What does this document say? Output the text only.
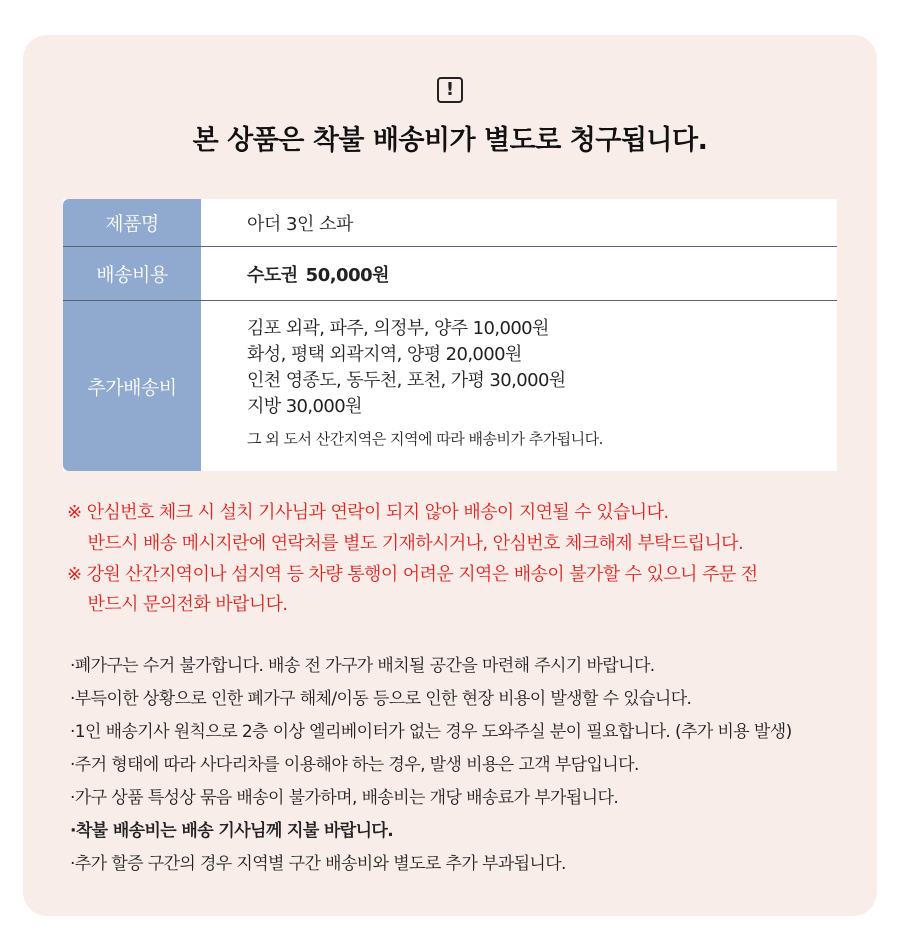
!
본 상품은 착불 배송비가 별도로 청구됩니다.
제품명	아더 3인 소파
배송비용	수도권 50,000원
추가배송비
김포 외곽, 파주, 의정부, 양주 10,000원
화성, 평택 외곽지역, 양평 20,000원
인천 영종도, 동두천, 포천, 가평 30,000원
지방 30,000원
그 외 도서 산간지역은 지역에 따라 배송비가 추가됩니다.
※ 안심번호 체크 시 설치 기사님과 연락이 되지 않아 배송이 지연될 수 있습니다.
반드시 배송 메시지란에 연락처를 별도 기재하시거나, 안심번호 체크해제 부탁드립니다.
※ 강원 산간지역이나 섬지역 등 차량 통행이 어려운 지역은 배송이 불가할 수 있으니 주문 전
반드시 문의전화 바랍니다.
·폐가구는 수거 불가합니다. 배송 전 가구가 배치될 공간을 마련해 주시기 바랍니다.
·부득이한 상황으로 인한 폐가구 해체/이동 등으로 인한 현장 비용이 발생할 수 있습니다.
·1인 배송기사 원칙으로 2층 이상 엘리베이터가 없는 경우 도와주실 분이 필요합니다. (추가 비용 발생)
·주거 형태에 따라 사다리차를 이용해야 하는 경우, 발생 비용은 고객 부담입니다.
·가구 상품 특성상 묶음 배송이 불가하며, 배송비는 개당 배송료가 부가됩니다.
·착불 배송비는 배송 기사님께 지불 바랍니다.
·추가 할증 구간의 경우 지역별 구간 배송비와 별도로 추가 부과됩니다.
